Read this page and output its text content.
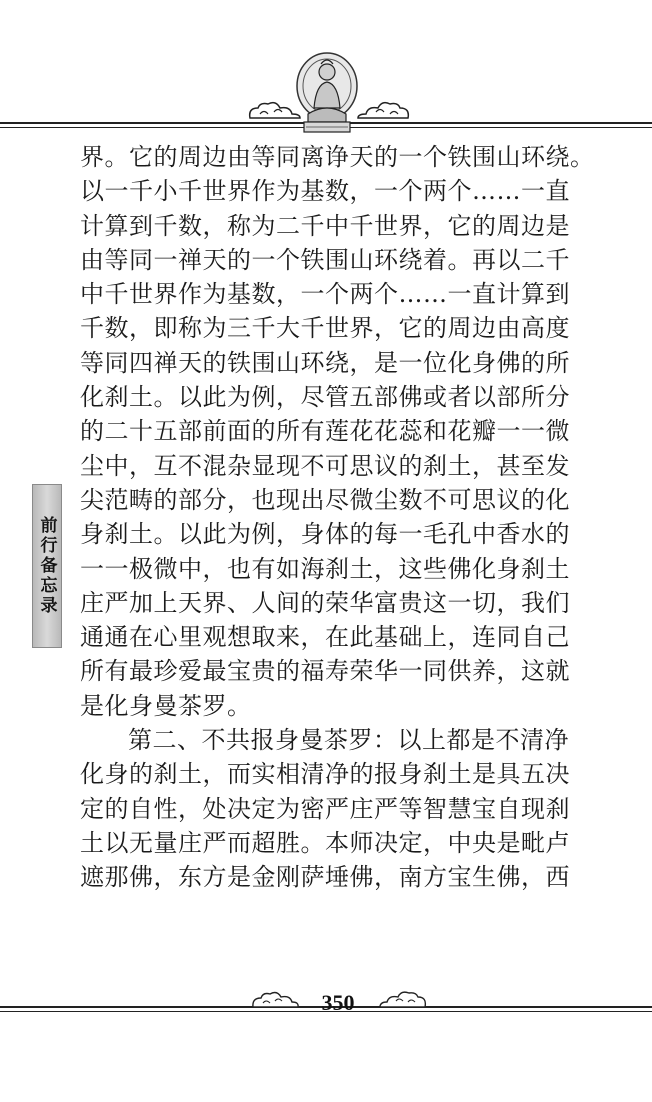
界。它的周边由等同离诤天的一个铁围山环绕。
以一千小千世界作为基数，一个两个……一直
计算到千数，称为二千中千世界，它的周边是
由等同一禅天的一个铁围山环绕着。再以二千
中千世界作为基数，一个两个……一直计算到
千数，即称为三千大千世界，它的周边由高度
等同四禅天的铁围山环绕，是一位化身佛的所
化刹土。以此为例，尽管五部佛或者以部所分
的二十五部前面的所有莲花花蕊和花瓣一一微
尘中，互不混杂显现不可思议的刹土，甚至发
尖范畴的部分，也现出尽微尘数不可思议的化
身刹土。以此为例，身体的每一毛孔中香水的
一一极微中，也有如海刹土，这些佛化身刹土
庄严加上天界、人间的荣华富贵这一切，我们
通通在心里观想取来，在此基础上，连同自己
所有最珍爱最宝贵的福寿荣华一同供养，这就
是化身曼茶罗。
第二、不共报身曼茶罗：以上都是不清净
化身的刹土，而实相清净的报身刹土是具五决
定的自性，处决定为密严庄严等智慧宝自现刹
土以无量庄严而超胜。本师决定，中央是毗卢
遮那佛，东方是金刚萨埵佛，南方宝生佛，西
前行备忘录
350
